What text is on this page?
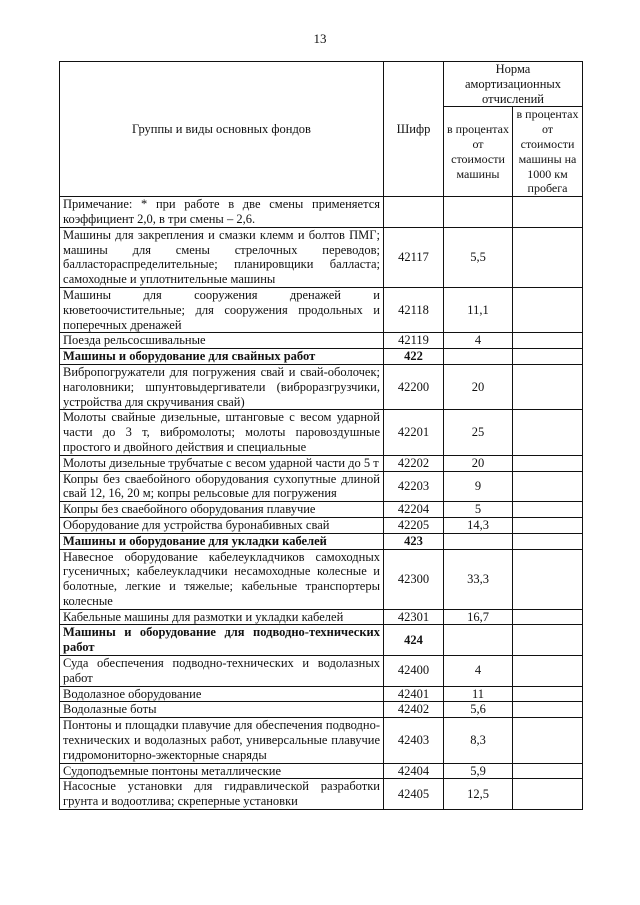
13
Группы и виды основных фондов	Шифр	Норма амортизационных отчислений	
		в процентах от стоимости машины	в процентах от стоимости машины на 1000 км пробега
Примечание: * при работе в две смены применяется коэффициент 2,0, в три смены – 2,6.			
Машины для закрепления и смазки клемм и болтов ПМГ; машины для смены стрелочных переводов; балластораспределительные; планировщики балласта; самоходные и уплотнительные машины	42117	5,5	
Машины для сооружения дренажей и кюветоочистительные; для сооружения продольных и поперечных дренажей	42118	11,1	
Поезда рельсосшивальные	42119	4	
Машины и оборудование для свайных работ	422		
Вибропогружатели для погружения свай и свай-оболочек; наголовники; шпунтовыдергиватели (виброразгрузчики, устройства для скручивания свай)	42200	20	
Молоты свайные дизельные, штанговые с весом ударной части до 3 т, вибромолоты; молоты паровоздушные простого и двойного действия и специальные	42201	25	
Молоты дизельные трубчатые с весом ударной части до 5 т	42202	20	
Копры без сваебойного оборудования сухопутные длиной свай 12, 16, 20 м; копры рельсовые для погружения	42203	9	
Копры без сваебойного оборудования плавучие	42204	5	
Оборудование для устройства буронабивных свай	42205	14,3	
Машины и оборудование для укладки кабелей	423		
Навесное оборудование кабелеукладчиков самоходных гусеничных; кабелеукладчики несамоходные колесные и болотные, легкие и тяжелые; кабельные транспортеры колесные	42300	33,3	
Кабельные машины для размотки и укладки кабелей	42301	16,7	
Машины и оборудование для подводно-технических работ	424		
Суда обеспечения подводно-технических и водолазных работ	42400	4	
Водолазное оборудование	42401	11	
Водолазные боты	42402	5,6	
Понтоны и площадки плавучие для обеспечения подводно-технических и водолазных работ, универсальные плавучие гидромониторно-эжекторные снаряды	42403	8,3	
Судоподъемные понтоны металлические	42404	5,9	
Насосные установки для гидравлической разработки грунта и водоотлива; скреперные установки	42405	12,5	
